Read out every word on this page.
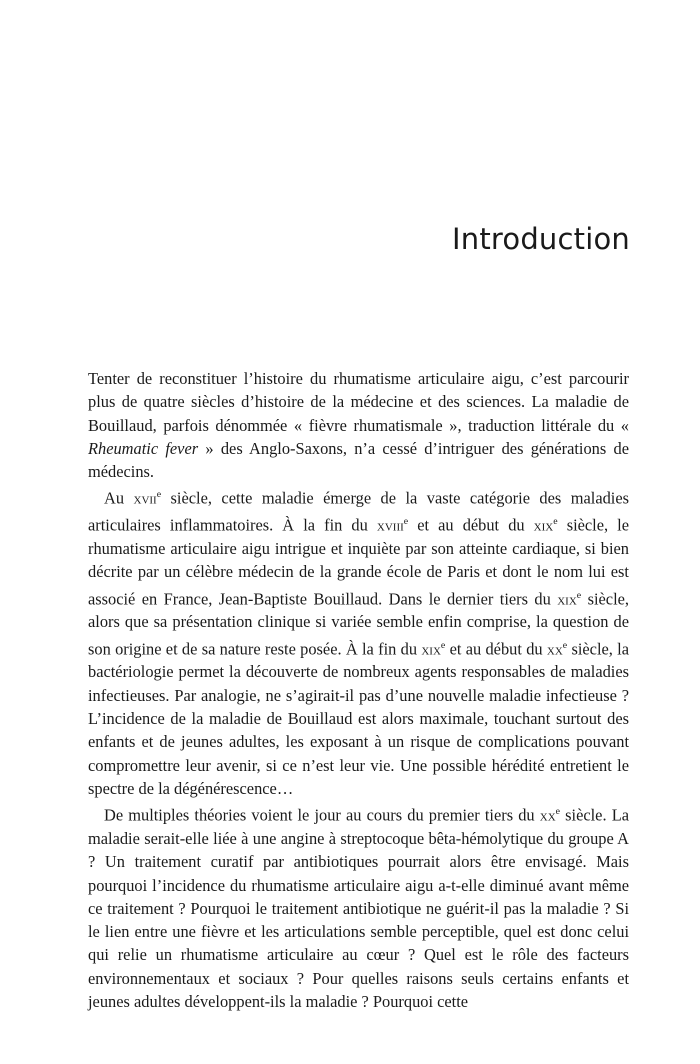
Introduction

Tenter de reconstituer l’histoire du rhumatisme articulaire aigu, c’est parcourir plus de quatre siècles d’histoire de la médecine et des sciences. La maladie de Bouillaud, parfois dénommée « fièvre rhumatismale », traduction littérale du « Rheumatic fever » des Anglo-Saxons, n’a cessé d’intriguer des générations de médecins.

Au xvii$^e$ siècle, cette maladie émerge de la vaste catégorie des maladies articulaires inflammatoires. À la fin du xviii$^e$ et au début du xix$^e$ siècle, le rhumatisme articulaire aigu intrigue et inquiète par son atteinte cardiaque, si bien décrite par un célèbre médecin de la grande école de Paris et dont le nom lui est associé en France, Jean-Baptiste Bouillaud. Dans le dernier tiers du xix$^e$ siècle, alors que sa présentation clinique si variée semble enfin comprise, la question de son origine et de sa nature reste posée. À la fin du xix$^e$ et au début du $xx^e$ siècle, la bactériologie permet la découverte de nombreux agents responsables de maladies infectieuses. Par analogie, ne s’agirait-il pas d’une nouvelle maladie infectieuse ? L’incidence de la maladie de Bouillaud est alors maximale, touchant surtout des enfants et de jeunes adultes, les exposant à un risque de complications pouvant compromettre leur avenir, si ce n’est leur vie. Une possible hérédité entretient le spectre de la dégénérescence…

De multiples théories voient le jour au cours du premier tiers du $xx^e$ siècle. La maladie serait-elle liée à une angine à streptocoque bêta-hémolytique du groupe A ? Un traitement curatif par antibiotiques pourrait alors être envisagé. Mais pourquoi l’incidence du rhumatisme articulaire aigu a-t-elle diminué avant même ce traitement ? Pourquoi le traitement antibiotique ne guérit-il pas la maladie ? Si le lien entre une fièvre et les articulations semble perceptible, quel est donc celui qui relie un rhumatisme articulaire au cœur ? Quel est le rôle des facteurs environnementaux et sociaux ? Pour quelles raisons seuls certains enfants et jeunes adultes développent-ils la maladie ? Pourquoi cette
